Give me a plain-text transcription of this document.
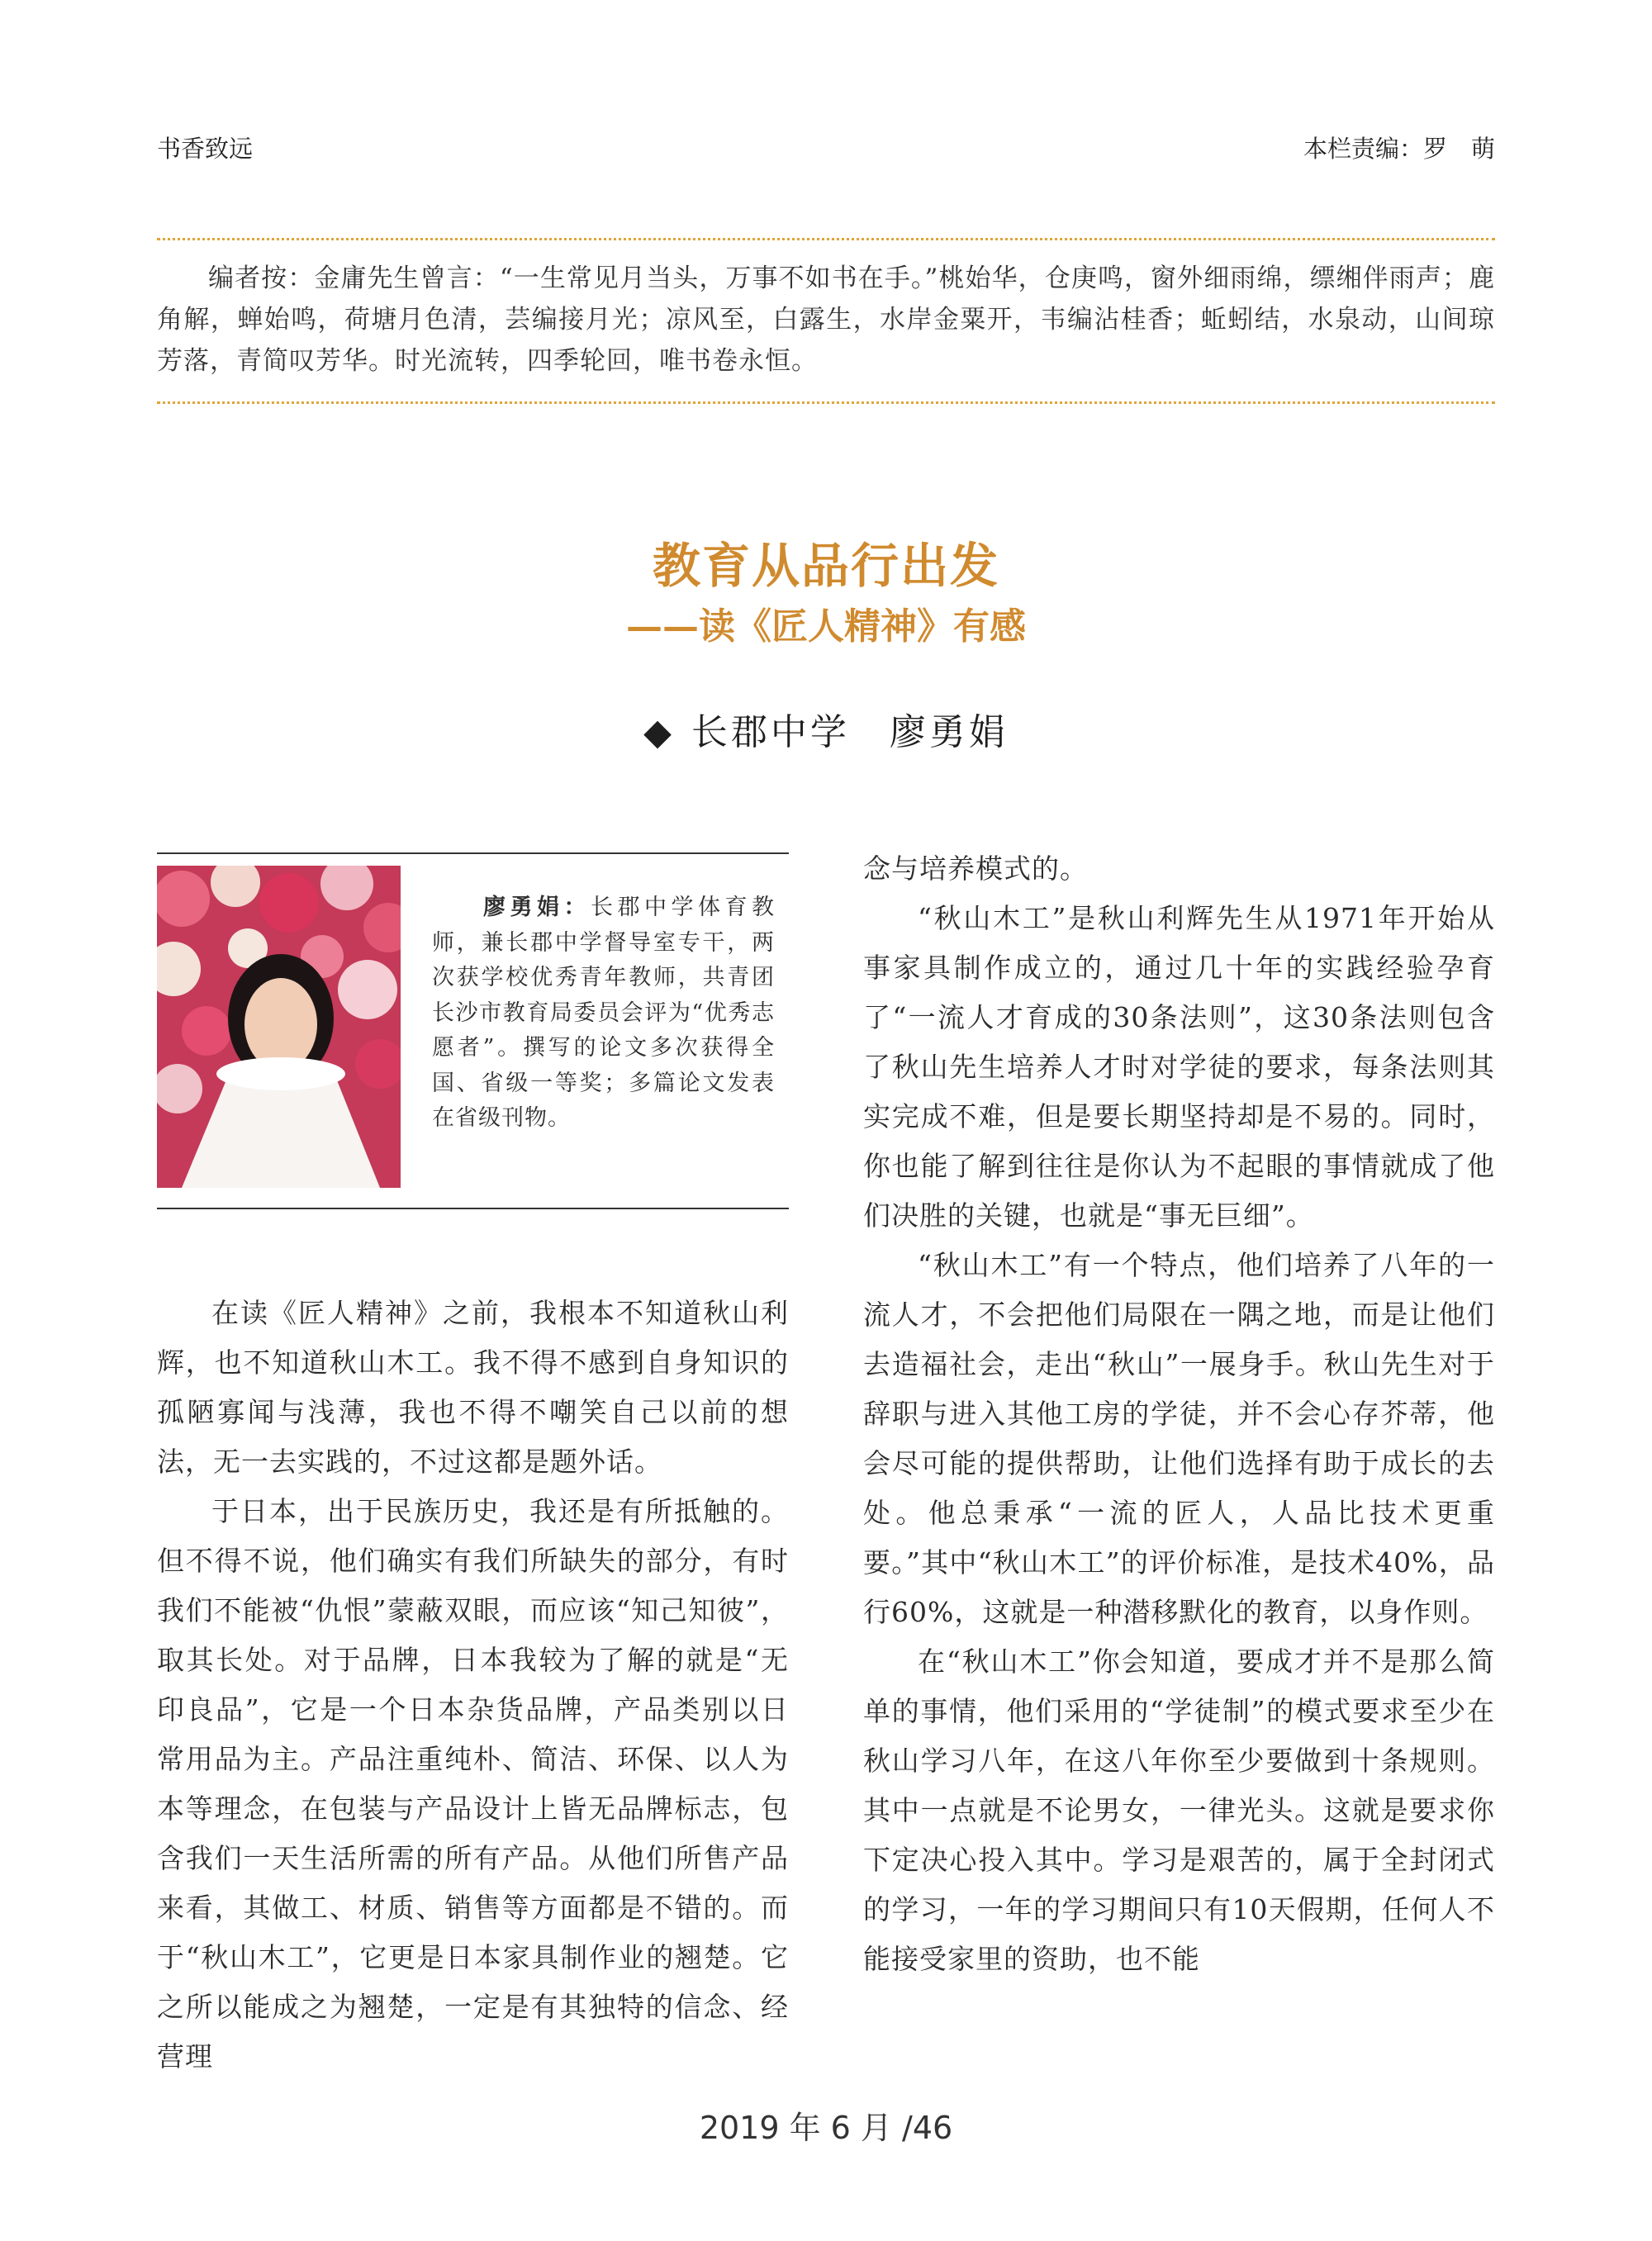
书香致远	本栏责编：罗　萌

编者按：金庸先生曾言：“一生常见月当头，万事不如书在手。”桃始华，仓庚鸣，窗外细雨绵，缥缃伴雨声；鹿角解，蝉始鸣，荷塘月色清，芸编接月光；凉风至，白露生，水岸金粟开，韦编沾桂香；蚯蚓结，水泉动，山间琼芳落，青简叹芳华。时光流转，四季轮回，唯书卷永恒。

教育从品行出发
——读《匠人精神》有感
◆ 长郡中学　廖勇娟

廖勇娟：长郡中学体育教师，兼长郡中学督导室专干，两次获学校优秀青年教师，共青团长沙市教育局委员会评为“优秀志愿者”。撰写的论文多次获得全国、省级一等奖；多篇论文发表在省级刊物。

在读《匠人精神》之前，我根本不知道秋山利辉，也不知道秋山木工。我不得不感到自身知识的孤陋寡闻与浅薄，我也不得不嘲笑自己以前的想法，无一去实践的，不过这都是题外话。

于日本，出于民族历史，我还是有所抵触的。但不得不说，他们确实有我们所缺失的部分，有时我们不能被“仇恨”蒙蔽双眼，而应该“知己知彼”，取其长处。对于品牌，日本我较为了解的就是“无印良品”，它是一个日本杂货品牌，产品类别以日常用品为主。产品注重纯朴、简洁、环保、以人为本等理念，在包装与产品设计上皆无品牌标志，包含我们一天生活所需的所有产品。从他们所售产品来看，其做工、材质、销售等方面都是不错的。而于“秋山木工”，它更是日本家具制作业的翘楚。它之所以能成之为翘楚，一定是有其独特的信念、经营理

念与培养模式的。

“秋山木工”是秋山利辉先生从1971年开始从事家具制作成立的，通过几十年的实践经验孕育了“一流人才育成的30条法则”，这30条法则包含了秋山先生培养人才时对学徒的要求，每条法则其实完成不难，但是要长期坚持却是不易的。同时，你也能了解到往往是你认为不起眼的事情就成了他们决胜的关键，也就是“事无巨细”。

“秋山木工”有一个特点，他们培养了八年的一流人才，不会把他们局限在一隅之地，而是让他们去造福社会，走出“秋山”一展身手。秋山先生对于辞职与进入其他工房的学徒，并不会心存芥蒂，他会尽可能的提供帮助，让他们选择有助于成长的去处。他总秉承“一流的匠人，人品比技术更重要。”其中“秋山木工”的评价标准，是技术40%，品行60%，这就是一种潜移默化的教育，以身作则。

在“秋山木工”你会知道，要成才并不是那么简单的事情，他们采用的“学徒制”的模式要求至少在秋山学习八年，在这八年你至少要做到十条规则。其中一点就是不论男女，一律光头。这就是要求你下定决心投入其中。学习是艰苦的，属于全封闭式的学习，一年的学习期间只有10天假期，任何人不能接受家里的资助，也不能

2019 年 6 月 /46
